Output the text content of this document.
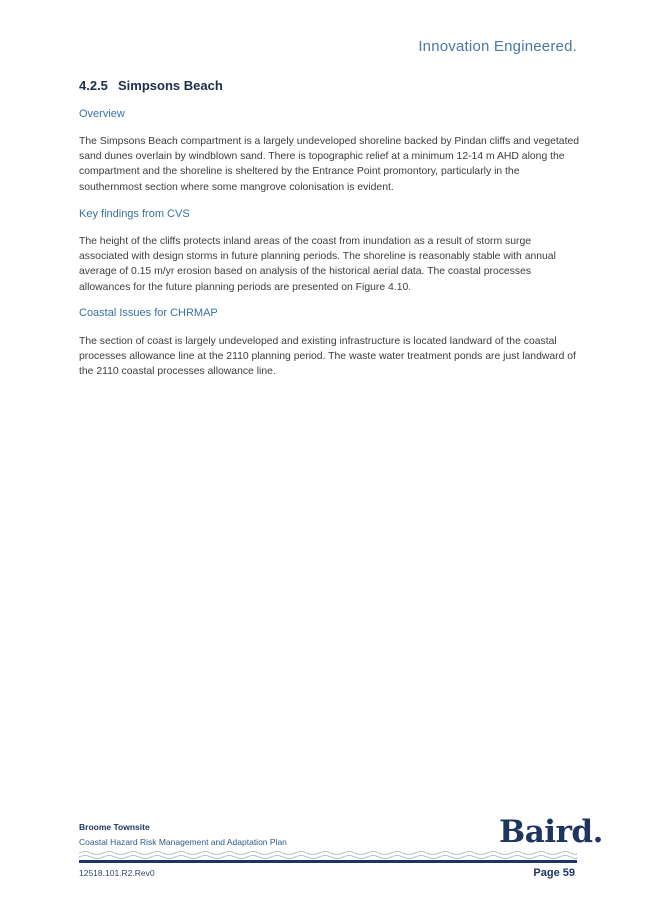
Innovation Engineered.
4.2.5 Simpsons Beach
Overview
The Simpsons Beach compartment is a largely undeveloped shoreline backed by Pindan cliffs and vegetated sand dunes overlain by windblown sand. There is topographic relief at a minimum 12-14 m AHD along the compartment and the shoreline is sheltered by the Entrance Point promontory, particularly in the southernmost section where some mangrove colonisation is evident.
Key findings from CVS
The height of the cliffs protects inland areas of the coast from inundation as a result of storm surge associated with design storms in future planning periods. The shoreline is reasonably stable with annual average of 0.15 m/yr erosion based on analysis of the historical aerial data. The coastal processes allowances for the future planning periods are presented on Figure 4.10.
Coastal Issues for CHRMAP
The section of coast is largely undeveloped and existing infrastructure is located landward of the coastal processes allowance line at the 2110 planning period. The waste water treatment ponds are just landward of the 2110 coastal processes allowance line.
Broome Townsite
Coastal Hazard Risk Management and Adaptation Plan	Baird.
12518.101.R2.Rev0	Page 59
